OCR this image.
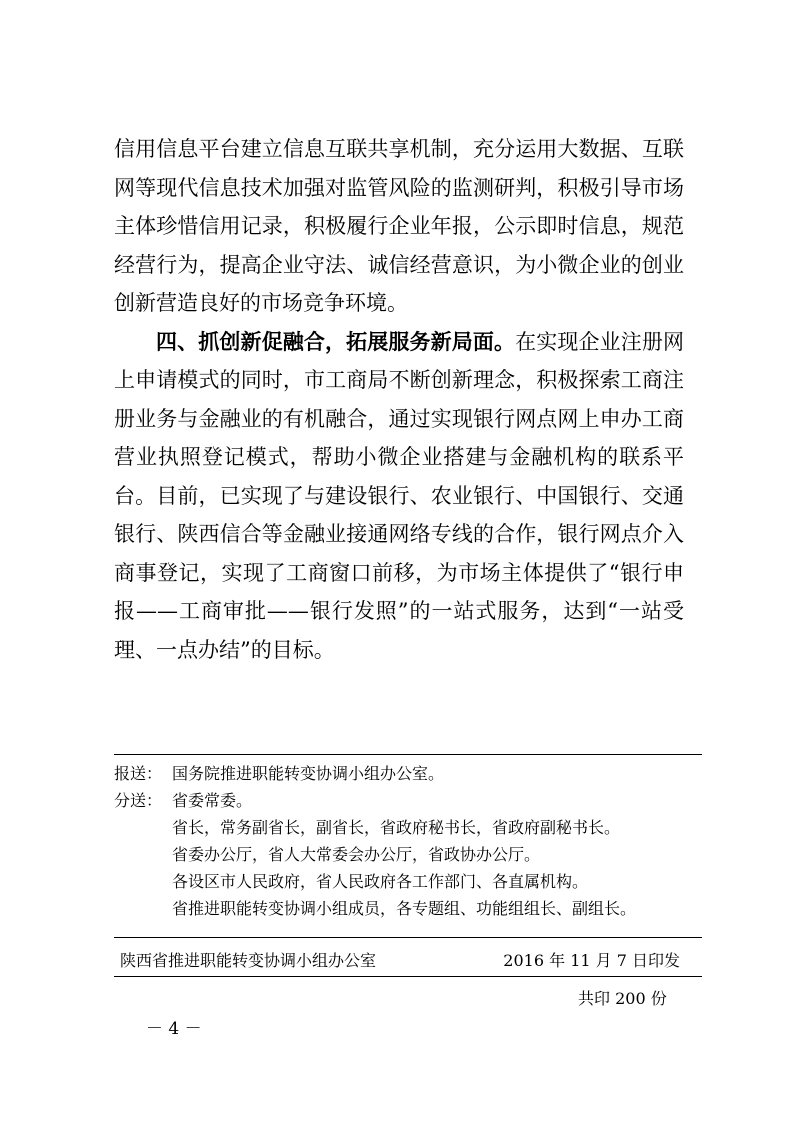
信用信息平台建立信息互联共享机制，充分运用大数据、互联
网等现代信息技术加强对监管风险的监测研判，积极引导市场
主体珍惜信用记录，积极履行企业年报，公示即时信息，规范
经营行为，提高企业守法、诚信经营意识，为小微企业的创业
创新营造良好的市场竞争环境。

四、抓创新促融合，拓展服务新局面。在实现企业注册网
上申请模式的同时，市工商局不断创新理念，积极探索工商注
册业务与金融业的有机融合，通过实现银行网点网上申办工商
营业执照登记模式，帮助小微企业搭建与金融机构的联系平
台。目前，已实现了与建设银行、农业银行、中国银行、交通
银行、陕西信合等金融业接通网络专线的合作，银行网点介入
商事登记，实现了工商窗口前移，为市场主体提供了“银行申
报——工商审批——银行发照”的一站式服务，达到“一站受
理、一点办结”的目标。

报送： 国务院推进职能转变协调小组办公室。
分送： 省委常委。
省长，常务副省长，副省长，省政府秘书长，省政府副秘书长。
省委办公厅，省人大常委会办公厅，省政协办公厅。
各设区市人民政府，省人民政府各工作部门、各直属机构。
省推进职能转变协调小组成员，各专题组、功能组组长、副组长。
陕西省推进职能转变协调小组办公室	2016 年 11 月 7 日印发
共印 200 份
－ 4 －
